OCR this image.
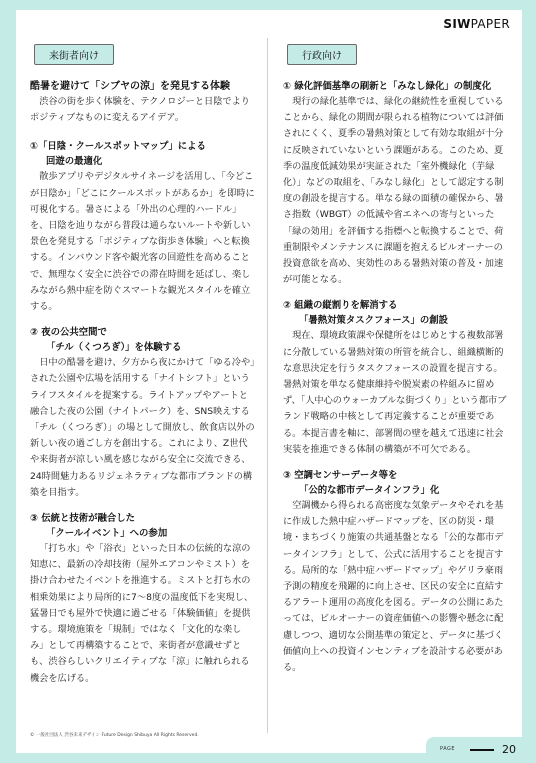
SIWPAPER
来街者向け
酷暑を避けて「シブヤの涼」を発見する体験

渋谷の街を歩く体験を、テクノロジーと日陰でよりポジティブなものに変えるアイデア。

①「日陰・クールスポットマップ」による
回遊の最適化

散歩アプリやデジタルサイネージを活用し、「今どこが日陰か」「どこにクールスポットがあるか」を即時に可視化する。暑さによる「外出の心理的ハードル」を、日陰を辿りながら普段は通らないルートや新しい景色を発見する「ポジティブな街歩き体験」へと転換する。インバウンド客や観光客の回遊性を高めることで、無理なく安全に渋谷での滞在時間を延ばし、楽しみながら熱中症を防ぐスマートな観光スタイルを確立する。

② 夜の公共空間で
「チル（くつろぎ）」を体験する

日中の酷暑を避け、夕方から夜にかけて「ゆる冷や」された公園や広場を活用する「ナイトシフト」というライフスタイルを提案する。ライトアップやアートと融合した夜の公園（ナイトパーク）を、SNS映えする「チル（くつろぎ）」の場として開放し、飲食店以外の新しい夜の過ごし方を創出する。これにより、Z世代や来街者が涼しい風を感じながら安全に交流できる、24時間魅力あるリジェネラティブな都市ブランドの構築を目指す。

③ 伝統と技術が融合した
「クールイベント」への参加

「打ち水」や「浴衣」といった日本の伝統的な涼の知恵に、最新の冷却技術（屋外エアコンやミスト）を掛け合わせたイベントを推進する。ミストと打ち水の相乗効果により局所的に7〜8度の温度低下を実現し、猛暑日でも屋外で快適に過ごせる「体験価値」を提供する。環境施策を「規制」ではなく「文化的な楽しみ」として再構築することで、来街者が意識せずとも、渋谷らしいクリエイティブな「涼」に触れられる機会を広げる。

行政向け
① 緑化評価基準の刷新と「みなし緑化」の制度化

現行の緑化基準では、緑化の継続性を重視していることから、緑化の期間が限られる植物については評価されにくく、夏季の暑熱対策として有効な取組が十分に反映されていないという課題がある。このため、夏季の温度低減効果が実証された「室外機緑化（芋緑化）」などの取組を、「みなし緑化」として認定する制度の創設を提言する。単なる緑の面積の確保から、暑さ指数（WBGT）の低減や省エネへの寄与といった「緑の効用」を評価する指標へと転換することで、荷重制限やメンテナンスに課題を抱えるビルオーナーの投資意欲を高め、実効性のある暑熱対策の普及・加速が可能となる。

② 組織の縦割りを解消する
「暑熱対策タスクフォース」の創設

現在、環境政策課や保健所をはじめとする複数部署に分散している暑熱対策の所管を統合し、組織横断的な意思決定を行うタスクフォースの設置を提言する。暑熱対策を単なる健康維持や脱炭素の枠組みに留めず、「人中心のウォーカブルな街づくり」という都市ブランド戦略の中核として再定義することが重要である。本提言書を軸に、部署間の壁を越えて迅速に社会実装を推進できる体制の構築が不可欠である。

③ 空調センサーデータ等を
「公的な都市データインフラ」化

空調機から得られる高密度な気象データやそれを基に作成した熱中症ハザードマップを、区の防災・環境・まちづくり施策の共通基盤となる「公的な都市データインフラ」として、公式に活用することを提言する。局所的な「熱中症ハザードマップ」やゲリラ豪雨予測の精度を飛躍的に向上させ、区民の安全に直結するアラート運用の高度化を図る。データの公開にあたっては、ビルオーナーの資産価値への影響や懸念に配慮しつつ、適切な公開基準の策定と、データに基づく価値向上への投資インセンティブを設計する必要がある。

© 一般社団法人 渋谷未来デザイン Future Design Shibuya All Rights Reserved.
PAGE	20
